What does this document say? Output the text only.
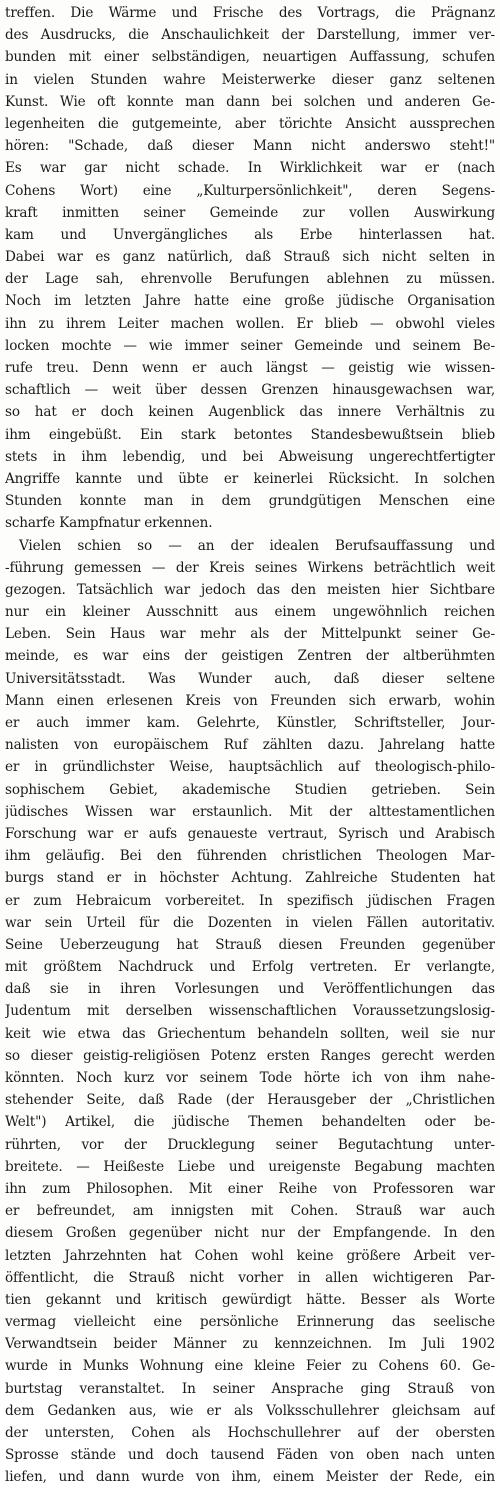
treffen. Die Wärme und Frische des Vortrags, die Prägnanz
des Ausdrucks, die Anschaulichkeit der Darstellung, immer ver-
bunden mit einer selbständigen, neuartigen Auffassung, schufen
in vielen Stunden wahre Meisterwerke dieser ganz seltenen
Kunst. Wie oft konnte man dann bei solchen und anderen Ge-
legenheiten die gutgemeinte, aber törichte Ansicht aussprechen
hören: "Schade, daß dieser Mann nicht anderswo steht!"
Es war gar nicht schade. In Wirklichkeit war er (nach
Cohens Wort) eine „Kulturpersönlichkeit", deren Segens-
kraft inmitten seiner Gemeinde zur vollen Auswirkung
kam und Unvergängliches als Erbe hinterlassen hat.
Dabei war es ganz natürlich, daß Strauß sich nicht selten in
der Lage sah, ehrenvolle Berufungen ablehnen zu müssen.
Noch im letzten Jahre hatte eine große jüdische Organisation
ihn zu ihrem Leiter machen wollen. Er blieb — obwohl vieles
locken mochte — wie immer seiner Gemeinde und seinem Be-
rufe treu. Denn wenn er auch längst — geistig wie wissen-
schaftlich — weit über dessen Grenzen hinausgewachsen war,
so hat er doch keinen Augenblick das innere Verhältnis zu
ihm eingebüßt. Ein stark betontes Standesbewußtsein blieb
stets in ihm lebendig, und bei Abweisung ungerechtfertigter
Angriffe kannte und übte er keinerlei Rücksicht. In solchen
Stunden konnte man in dem grundgütigen Menschen eine
scharfe Kampfnatur erkennen.
Vielen schien so — an der idealen Berufsauffassung und
-führung gemessen — der Kreis seines Wirkens beträchtlich weit
gezogen. Tatsächlich war jedoch das den meisten hier Sichtbare
nur ein kleiner Ausschnitt aus einem ungewöhnlich reichen
Leben. Sein Haus war mehr als der Mittelpunkt seiner Ge-
meinde, es war eins der geistigen Zentren der altberühmten
Universitätsstadt. Was Wunder auch, daß dieser seltene
Mann einen erlesenen Kreis von Freunden sich erwarb, wohin
er auch immer kam. Gelehrte, Künstler, Schriftsteller, Jour-
nalisten von europäischem Ruf zählten dazu. Jahrelang hatte
er in gründlichster Weise, hauptsächlich auf theologisch-philo-
sophischem Gebiet, akademische Studien getrieben. Sein
jüdisches Wissen war erstaunlich. Mit der alttestamentlichen
Forschung war er aufs genaueste vertraut, Syrisch und Arabisch
ihm geläufig. Bei den führenden christlichen Theologen Mar-
burgs stand er in höchster Achtung. Zahlreiche Studenten hat
er zum Hebraicum vorbereitet. In spezifisch jüdischen Fragen
war sein Urteil für die Dozenten in vielen Fällen autoritativ.
Seine Ueberzeugung hat Strauß diesen Freunden gegenüber
mit größtem Nachdruck und Erfolg vertreten. Er verlangte,
daß sie in ihren Vorlesungen und Veröffentlichungen das
Judentum mit derselben wissenschaftlichen Voraussetzungslosig-
keit wie etwa das Griechentum behandeln sollten, weil sie nur
so dieser geistig-religiösen Potenz ersten Ranges gerecht werden
könnten. Noch kurz vor seinem Tode hörte ich von ihm nahe-
stehender Seite, daß Rade (der Herausgeber der „Christlichen
Welt") Artikel, die jüdische Themen behandelten oder be-
rührten, vor der Drucklegung seiner Begutachtung unter-
breitete. — Heißeste Liebe und ureigenste Begabung machten
ihn zum Philosophen. Mit einer Reihe von Professoren war
er befreundet, am innigsten mit Cohen. Strauß war auch
diesem Großen gegenüber nicht nur der Empfangende. In den
letzten Jahrzehnten hat Cohen wohl keine größere Arbeit ver-
öffentlicht, die Strauß nicht vorher in allen wichtigeren Par-
tien gekannt und kritisch gewürdigt hätte. Besser als Worte
vermag vielleicht eine persönliche Erinnerung das seelische
Verwandtsein beider Männer zu kennzeichnen. Im Juli 1902
wurde in Munks Wohnung eine kleine Feier zu Cohens 60. Ge-
burtstag veranstaltet. In seiner Ansprache ging Strauß von
dem Gedanken aus, wie er als Volksschullehrer gleichsam auf
der untersten, Cohen als Hochschullehrer auf der obersten
Sprosse stände und doch tausend Fäden von oben nach unten
liefen, und dann wurde von ihm, einem Meister der Rede, ein
